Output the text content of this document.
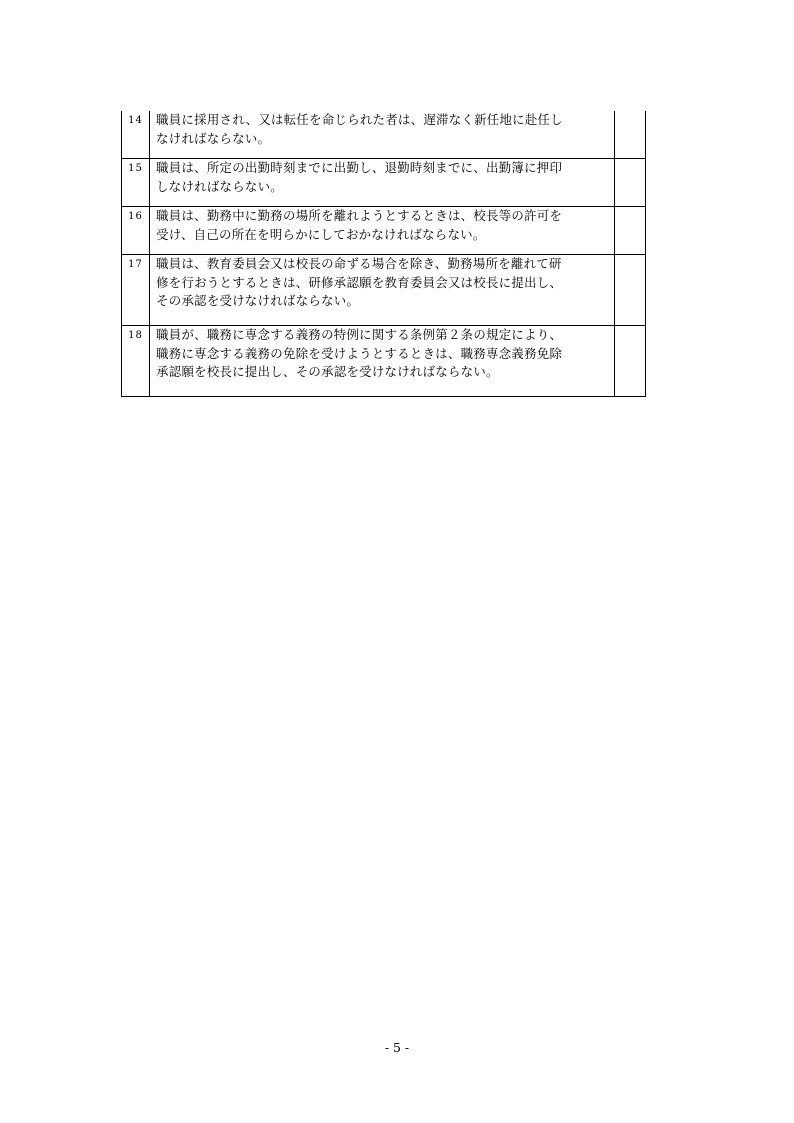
14	職員に採用され、又は転任を命じられた者は、遅滞なく新任地に赴任し
なければならない。	

15	職員は、所定の出勤時刻までに出勤し、退勤時刻までに、出勤簿に押印
しなければならない。	

16	職員は、勤務中に勤務の場所を離れようとするときは、校長等の許可を
受け、自己の所在を明らかにしておかなければならない。	

17	職員は、教育委員会又は校長の命ずる場合を除き、勤務場所を離れて研
修を行おうとするときは、研修承認願を教育委員会又は校長に提出し、
その承認を受けなければならない。	

18	職員が、職務に専念する義務の特例に関する条例第２条の規定により、
職務に専念する義務の免除を受けようとするときは、職務専念義務免除
承認願を校長に提出し、その承認を受けなければならない。	

- 5 -
